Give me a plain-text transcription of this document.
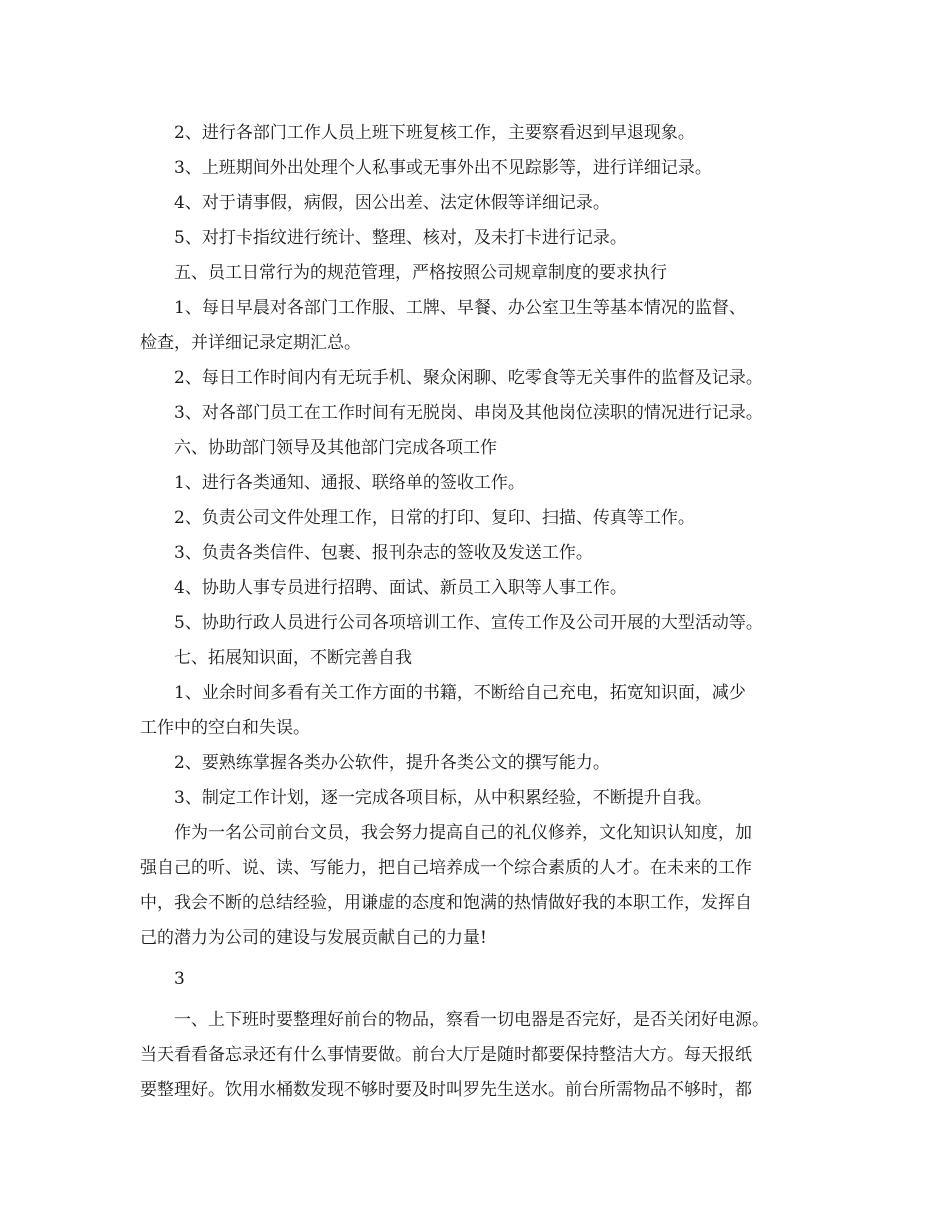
2、进行各部门工作人员上班下班复核工作，主要察看迟到早退现象。
3、上班期间外出处理个人私事或无事外出不见踪影等，进行详细记录。
4、对于请事假，病假，因公出差、法定休假等详细记录。
5、对打卡指纹进行统计、整理、核对，及未打卡进行记录。
五、员工日常行为的规范管理，严格按照公司规章制度的要求执行
1、每日早晨对各部门工作服、工牌、早餐、办公室卫生等基本情况的监督、
检查，并详细记录定期汇总。
2、每日工作时间内有无玩手机、聚众闲聊、吃零食等无关事件的监督及记录。
3、对各部门员工在工作时间有无脱岗、串岗及其他岗位渎职的情况进行记录。
六、协助部门领导及其他部门完成各项工作
1、进行各类通知、通报、联络单的签收工作。
2、负责公司文件处理工作，日常的打印、复印、扫描、传真等工作。
3、负责各类信件、包裹、报刊杂志的签收及发送工作。
4、协助人事专员进行招聘、面试、新员工入职等人事工作。
5、协助行政人员进行公司各项培训工作、宣传工作及公司开展的大型活动等。
七、拓展知识面，不断完善自我
1、业余时间多看有关工作方面的书籍，不断给自己充电，拓宽知识面，减少
工作中的空白和失误。
2、要熟练掌握各类办公软件，提升各类公文的撰写能力。
3、制定工作计划，逐一完成各项目标，从中积累经验，不断提升自我。
作为一名公司前台文员，我会努力提高自己的礼仪修养，文化知识认知度，加
强自己的听、说、读、写能力，把自己培养成一个综合素质的人才。在未来的工作
中，我会不断的总结经验，用谦虚的态度和饱满的热情做好我的本职工作，发挥自
己的潜力为公司的建设与发展贡献自己的力量!
3
一、上下班时要整理好前台的物品，察看一切电器是否完好，是否关闭好电源。
当天看看备忘录还有什么事情要做。前台大厅是随时都要保持整洁大方。每天报纸
要整理好。饮用水桶数发现不够时要及时叫罗先生送水。前台所需物品不够时，都
